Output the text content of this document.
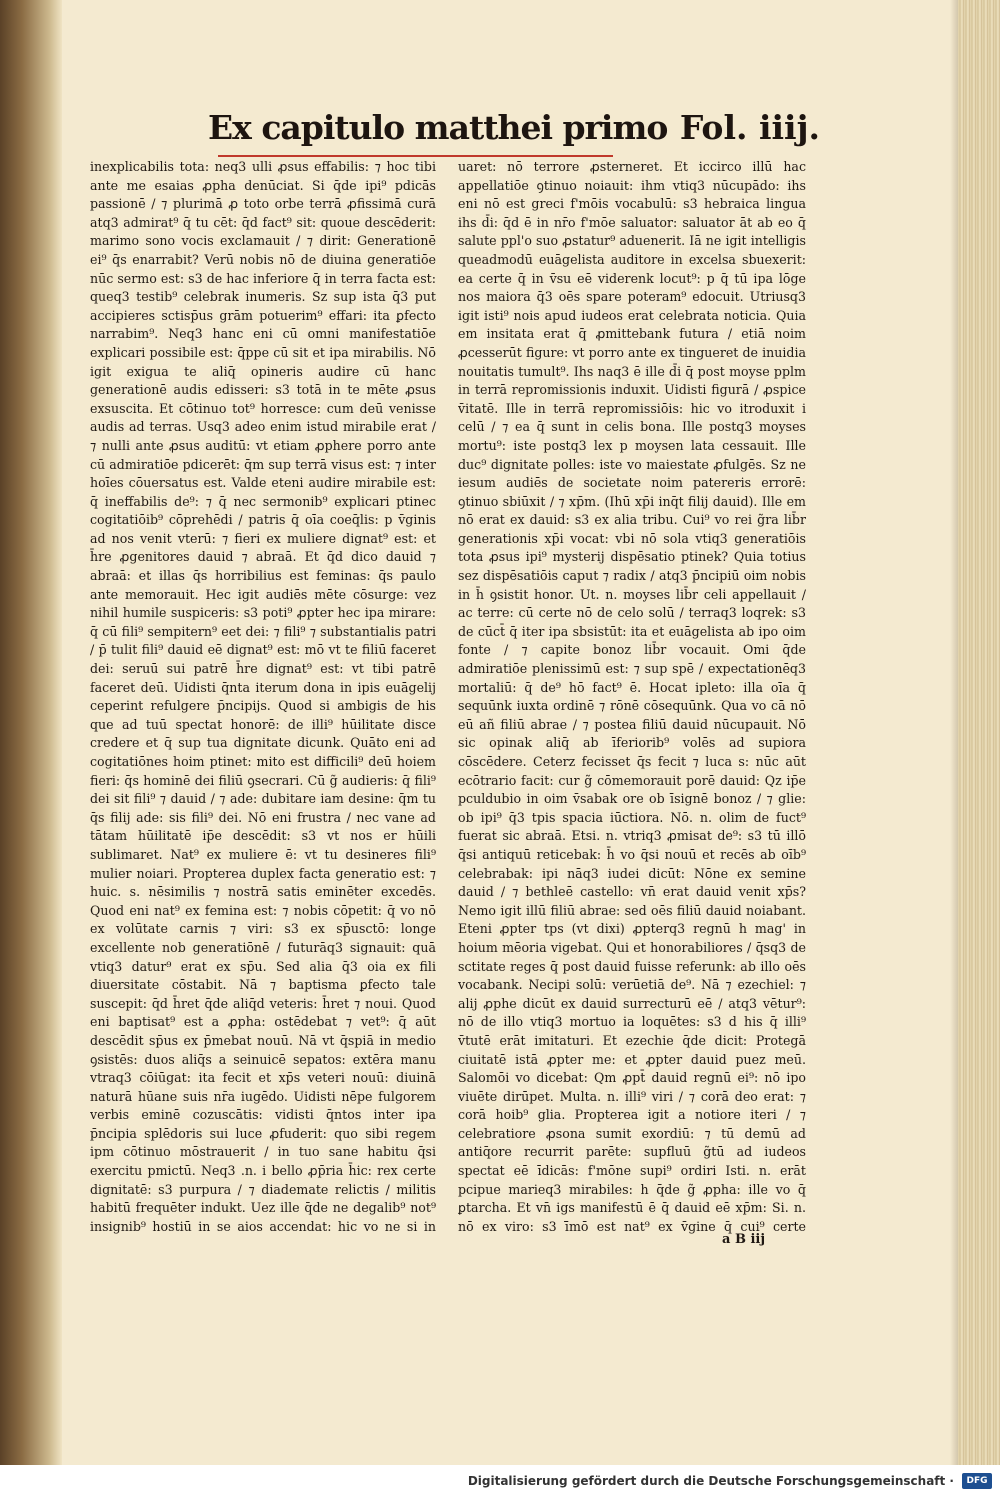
Ex capitulo matthei primo Fol. iiij.

inexplicabilis tota: neq3 ulli ꝓsus effabilis: ⁊ hoc tibi ante me esaias ꝓpha denūciat. Si q̄de ipi⁹ pdicās passionē / ⁊ plurimā ꝓ toto orbe terrā ꝓfissimā curā atq3 admirat⁹ q̄ tu cēt: q̄d fact⁹ sit: quoue descēderit: marimo sono vocis exclamauit / ⁊ dirit: Generationē ei⁹ q̄s enarrabit? Verū nobis nō de diuina generatiōe nūc sermo est: s3 de hac inferiore q̄ in terra facta est: queq3 testib⁹ celebrak inumeris. Sz sup ista q̄3 put accipieres sctisp̄us grām potuerim⁹ effari: ita ꝑfecto narrabim⁹. Neq3 hanc eni cū omni manifestatiōe explicari possibile est: q̄ppe cū sit et ipa mirabilis. Nō igit exigua te aliq̄ opineris audire cū hanc generationē audis edisseri: s3 totā in te mēte ꝓsus exsuscita. Et cōtinuo tot⁹ horresce: cum deū venisse audis ad terras. Usq3 adeo enim istud mirabile erat / ⁊ nulli ante ꝓsus auditū: vt etiam ꝓphere porro ante cū admiratiōe pdicerēt: q̄m sup terrā visus est: ⁊ inter hoīes cōuersatus est. Valde eteni audire mirabile est: q̄ ineffabilis de⁹: ⁊ q̄ nec sermonib⁹ explicari ptinec cogitatiōib⁹ cōprehēdi / patris q̄ oīa coeq̄lis: p v̄ginis ad nos venit vterū: ⁊ fieri ex muliere dignat⁹ est: et h̄re ꝓgenitores dauid ⁊ abraā. Et q̄d dico dauid ⁊ abraā: et illas q̄s horribilius est feminas: q̄s paulo ante memorauit. Hec igit audiēs mēte cōsurge: vez nihil humile suspiceris: s3 poti⁹ ꝓpter hec ipa mirare: q̄ cū fili⁹ sempitern⁹ eet dei: ⁊ fili⁹ ⁊ substantialis patri / p̄ tulit fili⁹ dauid eē dignat⁹ est: mō vt te filiū faceret dei: seruū sui patrē h̄re dignat⁹ est: vt tibi patrē faceret deū. Uidisti q̄nta iterum dona in ipis euāgelij ceperint refulgere p̄ncipijs. Quod si ambigis de his que ad tuū spectat honorē: de illi⁹ hūilitate disce credere et q̄ sup tua dignitate dicunk. Quāto eni ad cogitatiōnes hoim ptinet: mito est difficili⁹ deū hoiem fieri: q̄s hominē dei filiū ꝯsecrari. Cū g̃ audieris: q̄ fili⁹ dei sit fili⁹ ⁊ dauid / ⁊ ade: dubitare iam desine: q̄m tu q̄s filij ade: sis fili⁹ dei. Nō eni frustra / nec vane ad tātam hūilitatē ip̄e descēdit: s3 vt nos er hūili sublimaret. Nat⁹ ex muliere ē: vt tu desineres fili⁹ mulier noiari. Propterea duplex facta generatio est: ⁊ huic. s. nēsimilis ⁊ nostrā satis eminēter excedēs. Quod eni nat⁹ ex femina est: ⁊ nobis cōpetit: q̄ vo nō ex volūtate carnis ⁊ viri: s3 ex sp̄usctō: longe excellente nob generatiōnē / futurāq3 signauit: quā vtiq3 datur⁹ erat ex sp̄u. Sed alia q̄3 oia ex fili diuersitate cōstabit. Nā ⁊ baptisma ꝑfecto tale suscepit: q̄d h̄ret q̄de aliq̄d veteris: h̄ret ⁊ noui. Quod eni baptisat⁹ est a ꝓpha: ostēdebat ⁊ vet⁹: q̄ aūt descēdit sp̄us ex p̄mebat nouū. Nā vt q̄spiā in medio ꝯsistēs: duos aliq̄s a seinuicē sepatos: extēra manu vtraq3 cōiūgat: ita fecit et xp̄s veteri nouū: diuinā naturā hūane suis nr̄a iugēdo. Uidisti nēpe fulgorem verbis eminē cozuscātis: vidisti q̄ntos inter ipa p̄ncipia splēdoris sui luce ꝓfuderit: quo sibi regem ipm cōtinuo mōstrauerit / in tuo sane habitu q̄si exercitu pmictū. Neq3 .n. i bello ꝓp̄ria h̄ic: rex certe dignitatē: s3 purpura / ⁊ diademate relictis / militis habitū frequēter indukt. Uez ille q̄de ne degalib⁹ not⁹ insignib⁹ hostiū in se aios accendat: hic vo ne si in

uaret: nō terrore ꝓsterneret. Et iccirco illū hac appellatiōe ꝯtinuo noiauit: ihm vtiq3 nūcupādo: ihs eni nō est greci f'mōis vocabulū: s3 hebraica lingua ihs d̄i: q̄d ē in nr̄o f'mōe saluator: saluator āt ab eo q̄ salute ppl'o suo ꝓstatur⁹ aduenerit. Iā ne igit intelligis queadmodū euāgelista auditore in excelsa sbuexerit: ea certe q̄ in v̄su eē viderenk locut⁹: p q̄ tū ipa lōge nos maiora q̄3 oēs spare poteram⁹ edocuit. Utriusq3 igit isti⁹ nois apud iudeos erat celebrata noticia. Quia em insitata erat q̄ ꝓmittebank futura / etiā noim ꝓcesserūt figure: vt porro ante ex tingueret de inuidia nouitatis tumult⁹. Ihs naq3 ē ille d̄i q̄ post moyse pplm in terrā repromissionis induxit. Uidisti figurā / ꝓspice v̄itatē. Ille in terrā repromissiōis: hic vo itroduxit i celū / ⁊ ea q̄ sunt in celis bona. Ille postq3 moyses mortu⁹: iste postq3 lex p moysen lata cessauit. Ille duc⁹ dignitate polles: iste vo maiestate ꝓfulgēs. Sz ne iesum audiēs de societate noim patereris errorē: ꝯtinuo sbiūxit / ⁊ xp̄m. (Ihū xp̄i inq̄t filij dauid). Ille em nō erat ex dauid: s3 ex alia tribu. Cui⁹ vo rei g̃ra lib̄r generationis xp̄i vocat: vbi nō sola vtiq3 generatiōis tota ꝓsus ipi⁹ mysterij dispēsatio ptinek? Quia totius sez dispēsatiōis caput ⁊ radix / atq3 p̄ncipiū oim nobis in h̄ ꝯsistit honor. Ut. n. moyses lib̄r celi appellauit / ac terre: cū certe nō de celo solū / terraq3 loqrek: s3 de cūct̄ q̄ iter ipa sbsistūt: ita et euāgelista ab ipo oim fonte / ⁊ capite bonoz lib̄r vocauit. Omi q̄de admiratiōe plenissimū est: ⁊ sup spē / expectationēq3 mortaliū: q̄ de⁹ hō fact⁹ ē. Hocat ipleto: illa oīa q̄ sequūnk iuxta ordinē ⁊ rōnē cōsequūnk. Qua vo cā nō eū añ filiū abrae / ⁊ postea filiū dauid nūcupauit. Nō sic opinak aliq̄ ab īferiorib⁹ volēs ad supiora cōscēdere. Ceterz fecisset q̄s fecit ⁊ luca s: nūc aūt ecōtrario facit: cur g̃ cōmemorauit porē dauid: Qz ip̄e pculdubio in oim v̄sabak ore ob īsignē bonoz / ⁊ glie: ob ipi⁹ q̄3 tpis spacia iūctiora. Nō. n. olim de fuct⁹ fuerat sic abraā. Etsi. n. vtriq3 ꝓmisat de⁹: s3 tū illō q̄si antiquū reticebak: h̄ vo q̄si nouū et recēs ab oīb⁹ celebrabak: ipi nāq3 iudei dicūt: Nōne ex semine dauid / ⁊ bethleē castello: vn̄ erat dauid venit xp̄s? Nemo igit illū filiū abrae: sed oēs filiū dauid noiabant. Eteni ꝓpter tps (vt dixi) ꝓpterq3 regnū h mag' in hoium mēoria vigebat. Qui et honorabiliores / q̄sq3 de sctitate reges q̄ post dauid fuisse referunk: ab illo oēs vocabank. Necipi solū: verūetiā de⁹. Nā ⁊ ezechiel: ⁊ alij ꝓphe dicūt ex dauid surrecturū eē / atq3 vētur⁹: nō de illo vtiq3 mortuo ia loquētes: s3 d his q̄ illi⁹ v̄tutē erāt imitaturi. Et ezechie q̄de dicit: Protegā ciuitatē istā ꝓpter me: et ꝓpter dauid puez meū. Salomōi vo dicebat: Qm ꝓpt̄ dauid regnū ei⁹: nō ipo viuēte dirūpet. Multa. n. illi⁹ viri / ⁊ corā deo erat: ⁊ corā hoib⁹ glia. Propterea igit a notiore iteri / ⁊ celebratiore ꝓsona sumit exordiū: ⁊ tū demū ad antiq̄ore recurrit parēte: supfluū g̃tū ad iudeos spectat eē īdicās: f'mōne supi⁹ ordiri Isti. n. erāt pcipue marieq3 mirabiles: h q̄de g̃ ꝓpha: ille vo q̄ ꝑtarcha. Et vn̄ igs manifestū ē q̄ dauid eē xp̄m: Si. n. nō ex viro: s3 ī̄mō est nat⁹ ex v̄gine q̄ cui⁹ certe

a B iij
Digitalisierung gefördert durch die Deutsche Forschungsgemeinschaft ·	DFG
